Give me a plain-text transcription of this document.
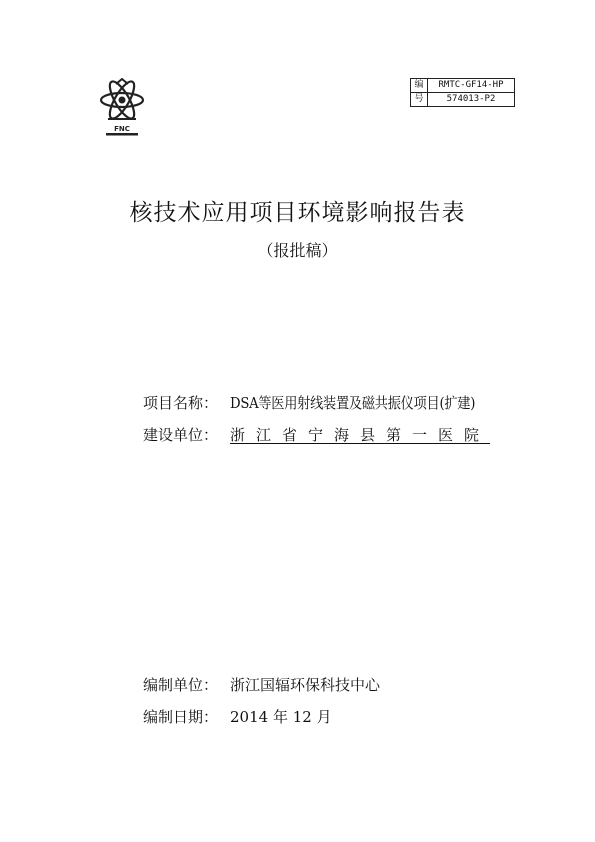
FNC
编	RMTC-GF14-HP
号	574013-P2
核技术应用项目环境影响报告表

（报批稿）

项目名称： DSA等医用射线装置及磁共振仪项目(扩建)
建设单位： 浙江省宁海县第一医院
编制单位： 浙江国辐环保科技中心
编制日期： 2014 年 12 月
